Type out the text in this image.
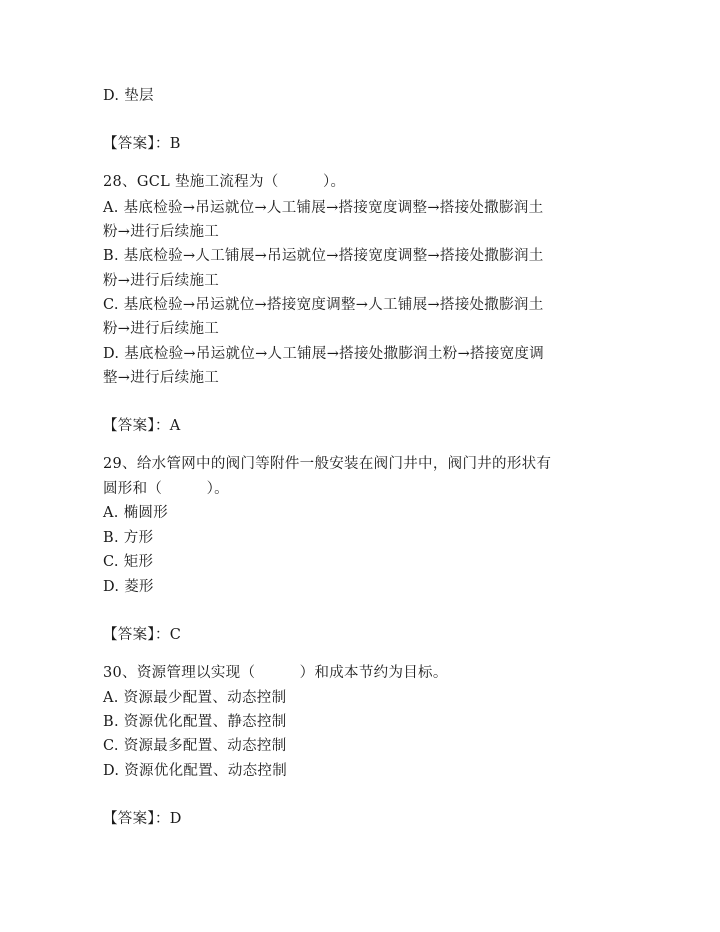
D. 垫层
【答案】：B
28、GCL 垫施工流程为（　　　）。
A. 基底检验→吊运就位→人工铺展→搭接宽度调整→搭接处撒膨润土
粉→进行后续施工
B. 基底检验→人工铺展→吊运就位→搭接宽度调整→搭接处撒膨润土
粉→进行后续施工
C. 基底检验→吊运就位→搭接宽度调整→人工铺展→搭接处撒膨润土
粉→进行后续施工
D. 基底检验→吊运就位→人工铺展→搭接处撒膨润土粉→搭接宽度调
整→进行后续施工
【答案】：A
29、给水管网中的阀门等附件一般安装在阀门井中，阀门井的形状有
圆形和（　　　）。
A. 椭圆形
B. 方形
C. 矩形
D. 菱形
【答案】：C
30、资源管理以实现（　　　）和成本节约为目标。
A. 资源最少配置、动态控制
B. 资源优化配置、静态控制
C. 资源最多配置、动态控制
D. 资源优化配置、动态控制
【答案】：D
